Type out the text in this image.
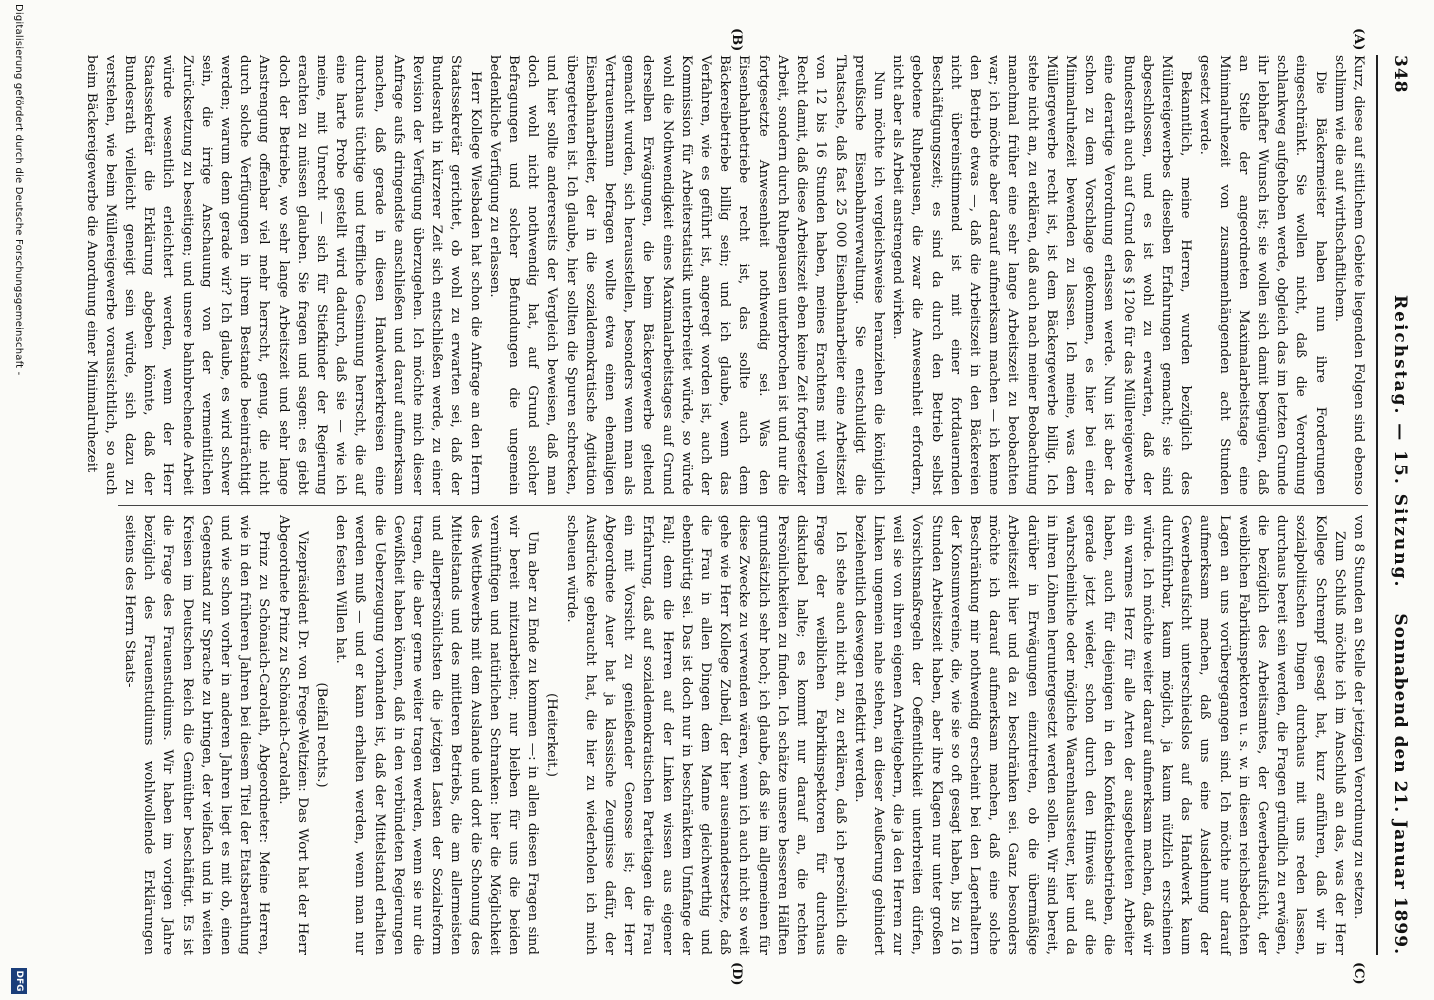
348
Reichstag. — 15. Sitzung.
Sonnabend den 21. Januar 1899.
(A)
(B)
(C)
(D)

Kurz, diese auf sittlichem Gebiete liegenden Folgen sind ebenso schlimm wie die auf wirthschaftlichem.

Die Bäckermeister haben nun ihre Forderungen eingeschränkt. Sie wollen nicht, daß die Verordnung schlankweg aufgehoben werde, obgleich das im letzten Grunde ihr lebhafter Wunsch ist; sie wollen sich damit begnügen, daß an Stelle der angeordneten Maximalarbeitstage eine Minimalruhezeit von zusammenhängenden acht Stunden gesetzt werde.

Bekanntlich, meine Herren, wurden bezüglich des Müllereigewerbes dieselben Erfahrungen gemacht; sie sind abgeschlossen, und es ist wohl zu erwarten, daß der Bundesrath auch auf Grund des § 120e für das Müllereigewerbe eine derartige Verordnung erlassen werde. Nun ist aber da schon zu dem Vorschlage gekommen, es hier bei einer Minimalruhezeit bewenden zu lassen. Ich meine, was dem Müllergewerbe recht ist, ist dem Bäckergewerbe billig. Ich stehe nicht an, zu erklären, daß auch nach meiner Beobachtung manchmal früher eine sehr lange Arbeitszeit zu beobachten war; ich möchte aber darauf aufmerksam machen — ich kenne den Betrieb etwas —, daß die Arbeitszeit in den Bäckereien nicht übereinstimmend ist mit einer fortdauernden Beschäftigungszeit; es sind da durch den Betrieb selbst gebotene Ruhepausen, die zwar die Anwesenheit erfordern, nicht aber als Arbeit anstrengend wirken.

Nun möchte ich vergleichsweise heranziehen die königlich preußische Eisenbahnverwaltung. Sie entschuldigt die Thatsache, daß fast 25 000 Eisenbahnarbeiter eine Arbeitszeit von 12 bis 16 Stunden haben, meines Erachtens mit vollem Recht damit, daß diese Arbeitszeit eben keine Zeit fortgesetzter Arbeit, sondern durch Ruhepausen unterbrochen ist und nur die fortgesetzte Anwesenheit nothwendig sei. Was den Eisenbahnbetriebe recht ist, das sollte auch dem Bäckereibetriebe billig sein; und ich glaube, wenn das Verfahren, wie es geführt ist, angeregt worden ist, auch der Kommission für Arbeiterstatistik unterbreitet würde, so würde wohl die Nothwendigkeit eines Maximalarbeitstages auf Grund derselben Erwägungen, die beim Bäckergewerbe geltend gemacht wurden, sich herausstellen, besonders wenn man als Vertrauensmann befragen wollte etwa einen ehemaligen Eisenbahnarbeiter, der in die sozialdemokratische Agitation übergetreten ist. Ich glaube, hier sollten die Spuren schrecken, und hier sollte andererseits der Vergleich beweisen, daß man doch wohl nicht nothwendig hat, auf Grund solcher Befragungen und solcher Befundungen die ungemein bedenkliche Verfügung zu erlassen.

Herr Kollege Wiesbaden hat schon die Anfrage an den Herrn Staatssekretär gerichtet, ob wohl zu erwarten sei, daß der Bundesrath in kürzerer Zeit sich entschließen werde, zu einer Revision der Verfügung überzugehen. Ich möchte mich dieser Anfrage aufs dringendste anschließen und darauf aufmerksam machen, daß gerade in diesen Handwerkerkreisen eine durchaus tüchtige und treffliche Gesinnung herrscht, die auf eine harte Probe gestellt wird dadurch, daß sie — wie ich meine, mit Unrecht — sich für Stiefkinder der Regierung erachten zu müssen glauben. Sie fragen und sagen: es giebt doch der Betriebe, wo sehr lange Arbeitszeit und sehr lange Anstrengung offenbar viel mehr herrscht, genug, die nicht durch solche Verfügungen in ihrem Bestande beeinträchtigt werden; warum denn gerade wir? Ich glaube, es wird schwer sein, die irrige Anschauung von der vermeintlichen Zurücksetzung zu beseitigen; und unsere bahnbrechende Arbeit würde wesentlich erleichtert werden, wenn der Herr Staatssekretär die Erklärung abgeben könnte, daß der Bundesrath vielleicht geneigt sein würde, sich dazu zu verstehen, wie beim Müllereigewerbe voraussichtlich, so auch beim Bäckereigewerbe die Anordnung einer Minimalruhezeit

von 8 Stunden an Stelle der jetzigen Verordnung zu setzen.

Zum Schluß möchte ich im Anschluß an das, was der Herr Kollege Schrempf gesagt hat, kurz anführen, daß wir in sozialpolitischen Dingen durchaus mit uns reden lassen, durchaus bereit sein werden, die Fragen gründlich zu erwägen, die bezüglich des Arbeitsamtes, der Gewerbeaufsicht, der weiblichen Fabrikinspektoren u. s. w. in diesen reichsbedachten Lagen an uns vorübergegangen sind. Ich möchte nur darauf aufmerksam machen, daß uns eine Ausdehnung der Gewerbeaufsicht unterschiedslos auf das Handwerk kaum durchführbar, kaum möglich, ja kaum nützlich erscheinen würde. Ich möchte weiter darauf aufmerksam machen, daß wir ein warmes Herz für alle Arten der ausgebeuteten Arbeiter haben, auch für diejenigen in den Konfektionsbetrieben, die gerade jetzt wieder, schon durch den Hinweis auf die wahrscheinliche oder mögliche Waarenhaussteuer, hier und da in ihren Löhnen heruntergesetzt werden sollen. Wir sind bereit, darüber in Erwägungen einzutreten, ob die übermäßige Arbeitszeit hier und da zu beschränken sei. Ganz besonders möchte ich darauf aufmerksam machen, daß eine solche Beschränkung mir nothwendig erscheint bei den Lagerhaltern der Konsumvereine, die, wie sie so oft gesagt haben, bis zu 16 Stunden Arbeitszeit haben, aber ihre Klagen nur unter großen Vorsichtsmaßregeln der Oeffentlichkeit unterbreiten dürfen, weil sie von ihren eigenen Arbeitgebern, die ja den Herren zur Linken ungemein nahe stehen, an dieser Aeußerung gehindert beziehentlich deswegen reflektirt werden.

Ich stehe auch nicht an, zu erklären, daß ich persönlich die Frage der weiblichen Fabrikinspektoren für durchaus diskutabel halte; es kommt nur darauf an, die rechten Persönlichkeiten zu finden. Ich schätze unsere besseren Hälften grundsätzlich sehr hoch; ich glaube, daß sie im allgemeinen für diese Zwecke zu verwenden wären, wenn ich auch nicht so weit gehe wie Herr Kollege Zubeil, der hier auseinandersetzte, daß die Frau in allen Dingen dem Manne gleichwerthig und ebenbürtig sei. Das ist doch nur in beschränktem Umfange der Fall; denn die Herren auf der Linken wissen aus eigener Erfahrung, daß auf sozialdemokratischen Parteitagen die Frau ein mit Vorsicht zu genießender Genosse ist; der Herr Abgeordnete Auer hat ja klassische Zeugnisse dafür, der Ausdrücke gebraucht hat, die hier zu wiederholen ich mich scheuen würde.

(Heiterkeit.)

Um aber zu Ende zu kommen —: in allen diesen Fragen sind wir bereit mitzuarbeiten; nur bleiben für uns die beiden vernünftigen und natürlichen Schranken: hier die Möglichkeit des Wettbewerbs mit dem Auslande und dort die Schonung des Mittelstands und des mittleren Betriebs, die am allermeisten und allerpersönlichsten die jetzigen Lasten der Sozialreform tragen, die aber gerne weiter tragen werden, wenn sie nur die Gewißheit haben können, daß in den verbündeten Regierungen die Ueberzeugung vorhanden ist, daß der Mittelstand erhalten werden muß — und er kann erhalten werden, wenn man nur den festen Willen hat.

(Beifall rechts.)

Vizepräsident Dr. von Frege-Weltzien: Das Wort hat der Herr Abgeordnete Prinz zu Schönaich-Carolath.

Prinz zu Schönaich-Carolath, Abgeordneter: Meine Herren, wie in den früheren Jahren bei diesem Titel der Etatsberathung und wie schon vorher in anderen Jahren liegt es mit ob, einen Gegenstand zur Sprache zu bringen, der vielfach und in weiten Kreisen im Deutschen Reich die Gemüther beschäftigt. Es ist die Frage des Frauenstudiums. Wir haben im vorigen Jahre bezüglich des Frauenstudiums wohlwollende Erklärungen seitens des Herrn Staats-

Digitalisierung gefördert durch die Deutsche Forschungsgemeinschaft -
DFG
